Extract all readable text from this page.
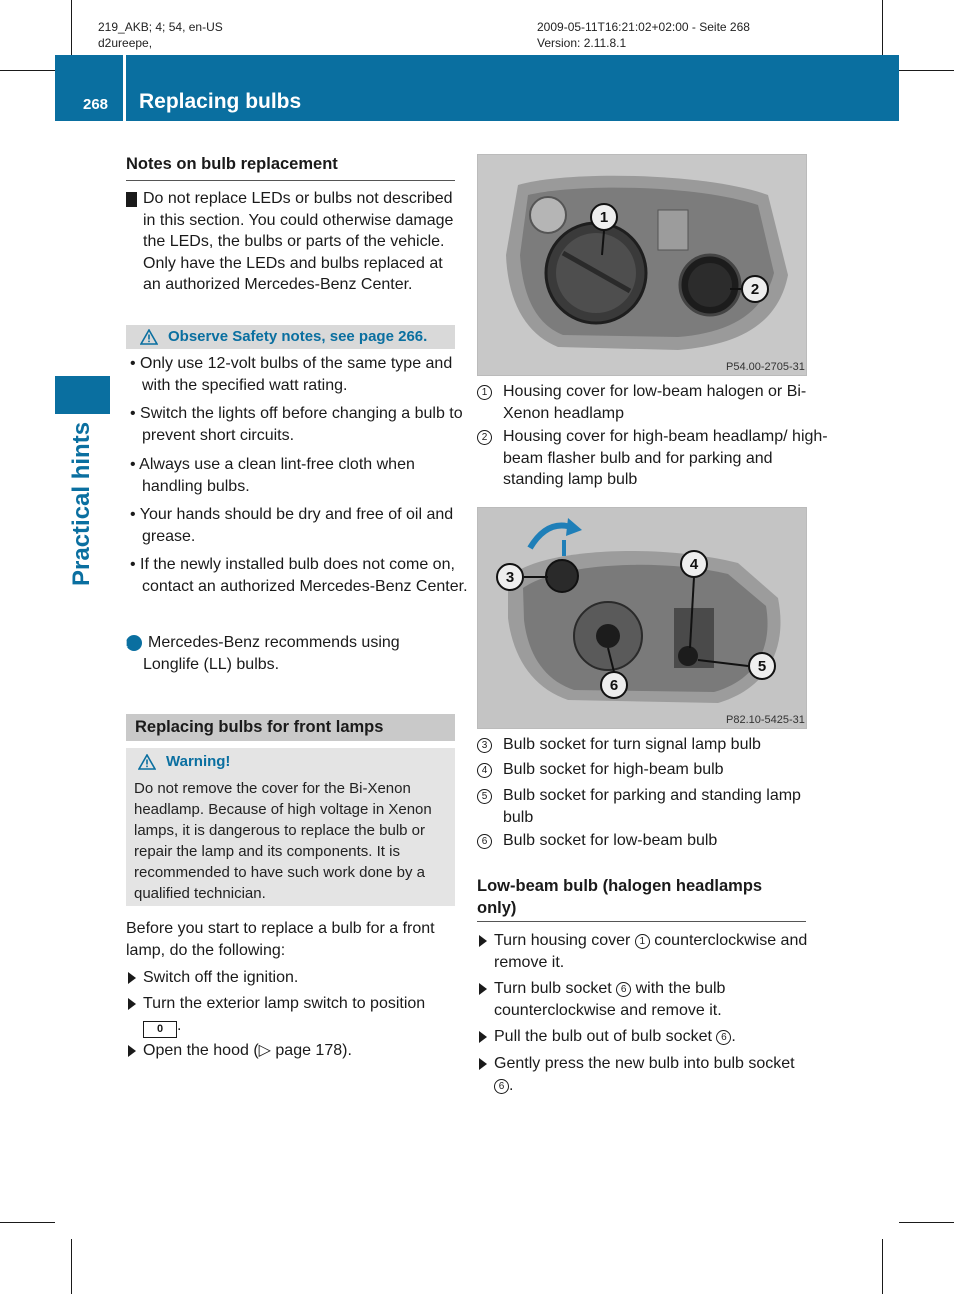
219_AKB; 4; 54, en-US
d2ureepe,
2009-05-11T16:21:02+02:00 - Seite 268
Version: 2.11.8.1
268 Replacing bulbs
Practical hints
Notes on bulb replacement
! Do not replace LEDs or bulbs not described in this section. You could otherwise damage the LEDs, the bulbs or parts of the vehicle. Only have the LEDs and bulbs replaced at an authorized Mercedes-Benz Center.
Observe Safety notes, see page 266.
• Only use 12-volt bulbs of the same type and with the specified watt rating.
• Switch the lights off before changing a bulb to prevent short circuits.
• Always use a clean lint-free cloth when handling bulbs.
• Your hands should be dry and free of oil and grease.
• If the newly installed bulb does not come on, contact an authorized Mercedes-Benz Center.
i Mercedes-Benz recommends using Longlife (LL) bulbs.
Replacing bulbs for front lamps
Warning!
Do not remove the cover for the Bi-Xenon headlamp. Because of high voltage in Xenon lamps, it is dangerous to replace the bulb or repair the lamp and its components. It is recommended to have such work done by a qualified technician.
Before you start to replace a bulb for a front lamp, do the following:
Switch off the ignition.
Turn the exterior lamp switch to position
0 .
Open the hood (▷ page 178).
1
2
P54.00-2705-31
1 Housing cover for low-beam halogen or Bi-Xenon headlamp
2 Housing cover for high-beam headlamp/ high-beam flasher bulb and for parking and standing lamp bulb
3
4
5
6
P82.10-5425-31
3 Bulb socket for turn signal lamp bulb
4 Bulb socket for high-beam bulb
5 Bulb socket for parking and standing lamp bulb
6 Bulb socket for low-beam bulb
Low-beam bulb (halogen headlamps only)
Turn housing cover 1 counterclockwise and remove it.
Turn bulb socket 6 with the bulb counterclockwise and remove it.
Pull the bulb out of bulb socket 6 .
Gently press the new bulb into bulb socket
6 .
